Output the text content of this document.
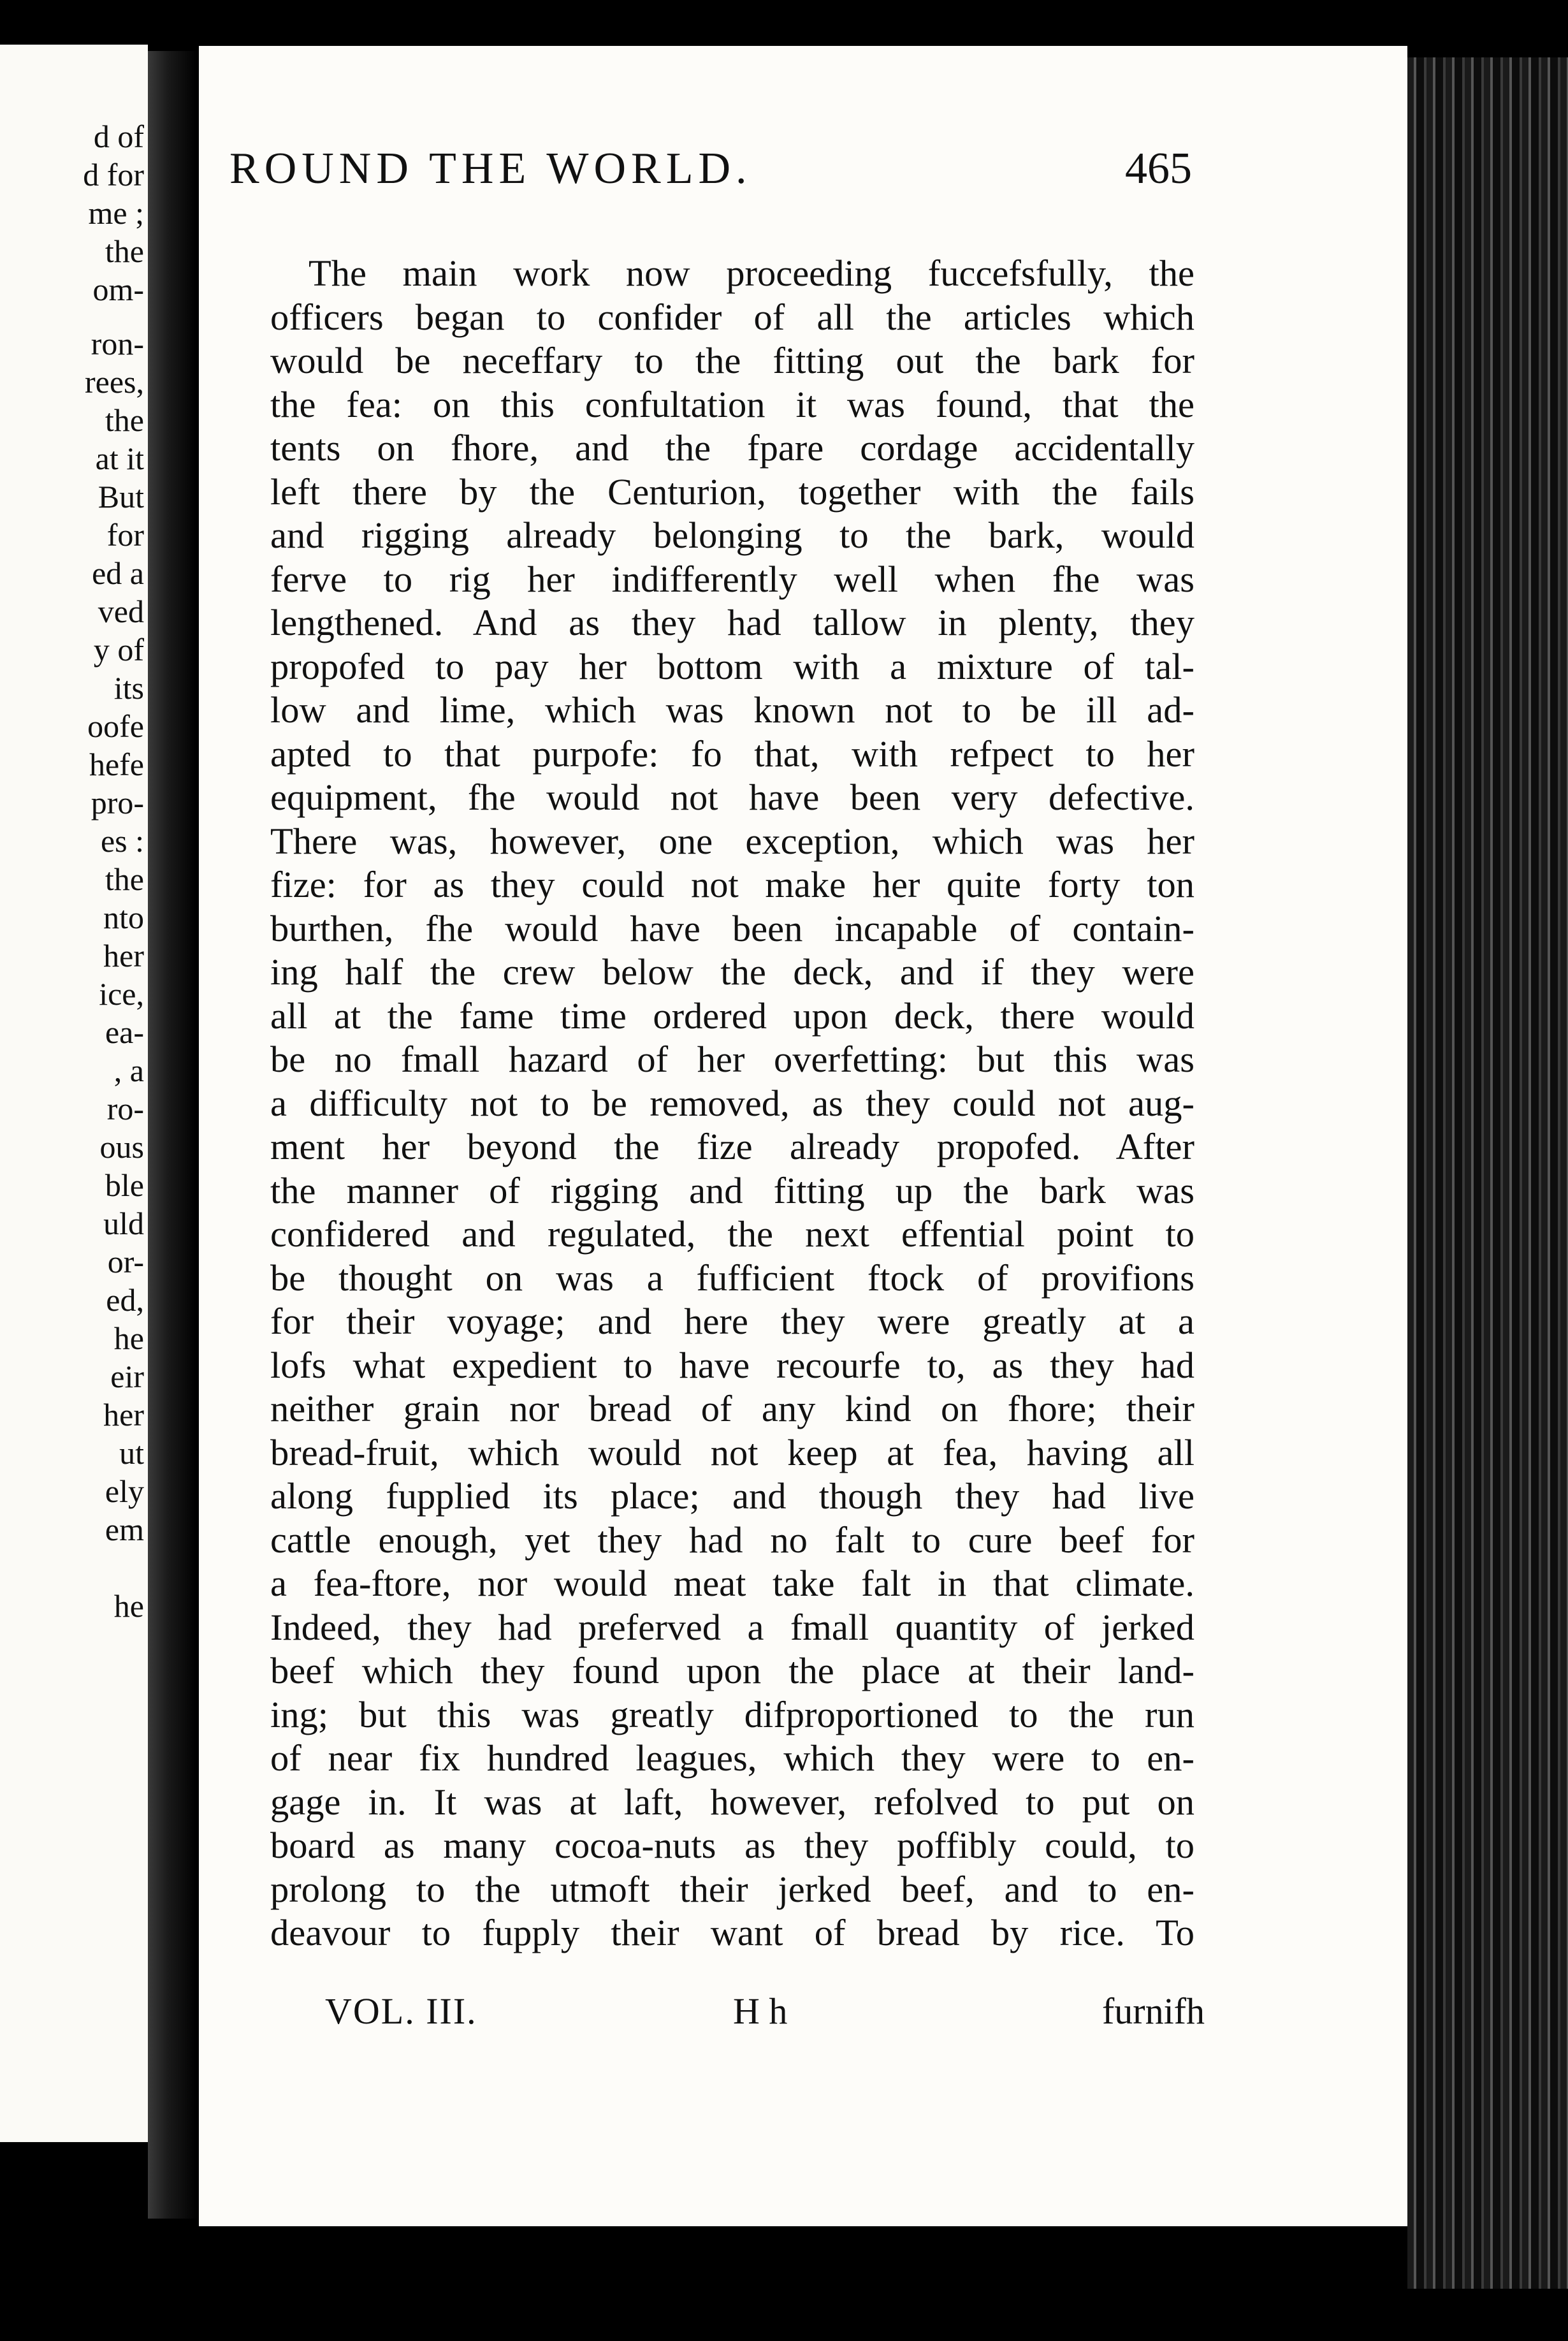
d of

d for

me ;

the

om-

ron-

rees,

the

at it

But

for

ed a

ved

y of

its

oofe

hefe

pro-

es :

the

nto

her

ice,

ea-

, a

ro-

ous

ble

uld

or-

ed,

he

eir

her

ut

ely

em

he

ROUND THE WORLD.	465
The main work now proceeding fuccefsfully, the
officers began to confider of all the articles which
would be neceffary to the fitting out the bark for
the fea: on this confultation it was found, that the
tents on fhore, and the fpare cordage accidentally
left there by the Centurion, together with the fails
and rigging already belonging to the bark, would
ferve to rig her indifferently well when fhe was
lengthened. And as they had tallow in plenty, they
propofed to pay her bottom with a mixture of tal-
low and lime, which was known not to be ill ad-
apted to that purpofe: fo that, with refpect to her
equipment, fhe would not have been very defective.
There was, however, one exception, which was her
fize: for as they could not make her quite forty ton
burthen, fhe would have been incapable of contain-
ing half the crew below the deck, and if they were
all at the fame time ordered upon deck, there would
be no fmall hazard of her overfetting: but this was
a difficulty not to be removed, as they could not aug-
ment her beyond the fize already propofed. After
the manner of rigging and fitting up the bark was
confidered and regulated, the next effential point to
be thought on was a fufficient ftock of provifions
for their voyage; and here they were greatly at a
lofs what expedient to have recourfe to, as they had
neither grain nor bread of any kind on fhore; their
bread-fruit, which would not keep at fea, having all
along fupplied its place; and though they had live
cattle enough, yet they had no falt to cure beef for
a fea-ftore, nor would meat take falt in that climate.
Indeed, they had preferved a fmall quantity of jerked
beef which they found upon the place at their land-
ing; but this was greatly difproportioned to the run
of near fix hundred leagues, which they were to en-
gage in. It was at laft, however, refolved to put on
board as many cocoa-nuts as they poffibly could, to
prolong to the utmoft their jerked beef, and to en-
deavour to fupply their want of bread by rice. To
VOL. III.	H h	furnifh
